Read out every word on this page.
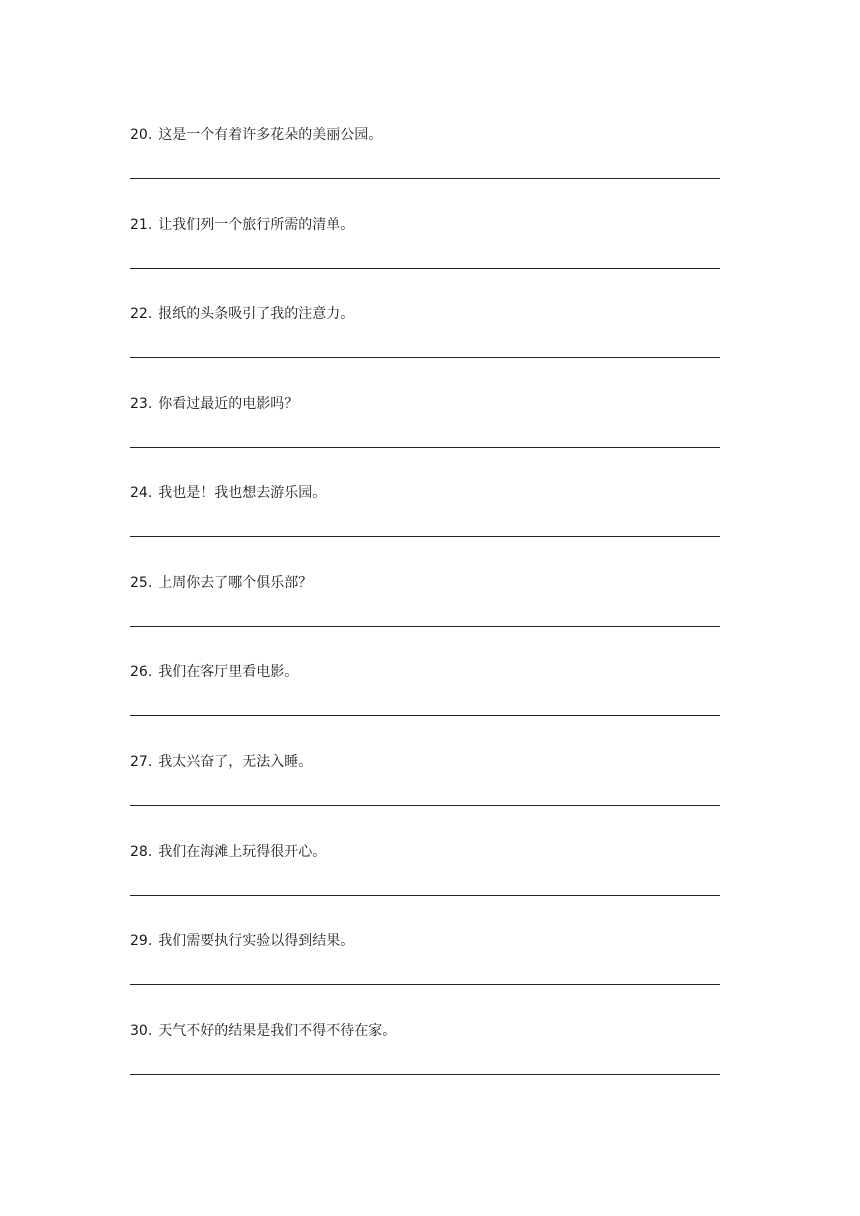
20. 这是一个有着许多花朵的美丽公园。
21. 让我们列一个旅行所需的清单。
22. 报纸的头条吸引了我的注意力。
23. 你看过最近的电影吗？
24. 我也是！我也想去游乐园。
25. 上周你去了哪个俱乐部？
26. 我们在客厅里看电影。
27. 我太兴奋了，无法入睡。
28. 我们在海滩上玩得很开心。
29. 我们需要执行实验以得到结果。
30. 天气不好的结果是我们不得不待在家。
